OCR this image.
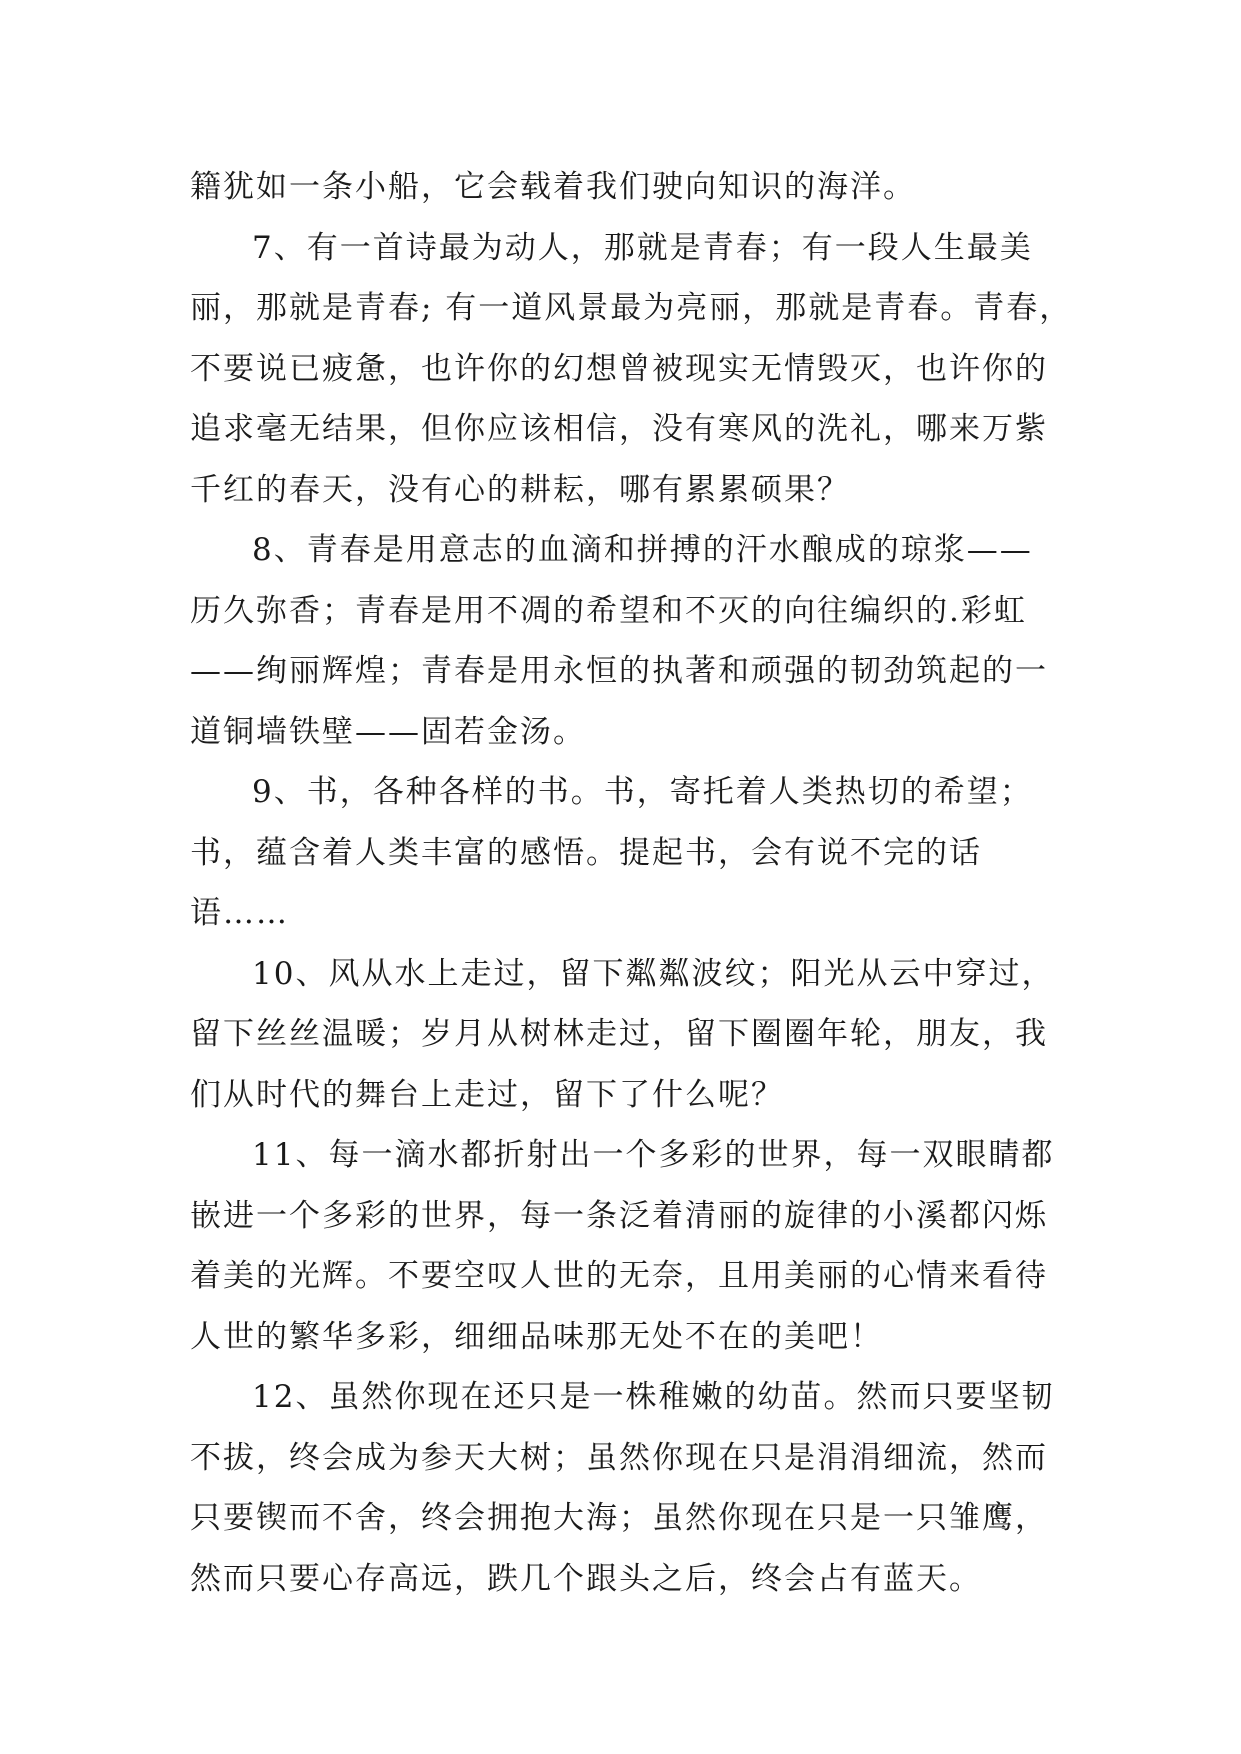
籍犹如一条小船，它会载着我们驶向知识的海洋。

7、有一首诗最为动人，那就是青春；有一段人生最美
丽，那就是青春; 有一道风景最为亮丽，那就是青春。青春，
不要说已疲惫，也许你的幻想曾被现实无情毁灭，也许你的
追求毫无结果，但你应该相信，没有寒风的洗礼，哪来万紫
千红的春天，没有心的耕耘，哪有累累硕果？

8、青春是用意志的血滴和拼搏的汗水酿成的琼浆——
历久弥香；青春是用不凋的希望和不灭的向往编织的.彩虹
——绚丽辉煌；青春是用永恒的执著和顽强的韧劲筑起的一
道铜墙铁壁——固若金汤。

9、书，各种各样的书。书，寄托着人类热切的希望；
书，蕴含着人类丰富的感悟。提起书，会有说不完的话
语……

10、风从水上走过，留下粼粼波纹；阳光从云中穿过，
留下丝丝温暖；岁月从树林走过，留下圈圈年轮，朋友，我
们从时代的舞台上走过，留下了什么呢？

11、每一滴水都折射出一个多彩的世界，每一双眼睛都
嵌进一个多彩的世界，每一条泛着清丽的旋律的小溪都闪烁
着美的光辉。不要空叹人世的无奈，且用美丽的心情来看待
人世的繁华多彩，细细品味那无处不在的美吧！

12、虽然你现在还只是一株稚嫩的幼苗。然而只要坚韧
不拔，终会成为参天大树；虽然你现在只是涓涓细流，然而
只要锲而不舍，终会拥抱大海；虽然你现在只是一只雏鹰，
然而只要心存高远，跌几个跟头之后，终会占有蓝天。
